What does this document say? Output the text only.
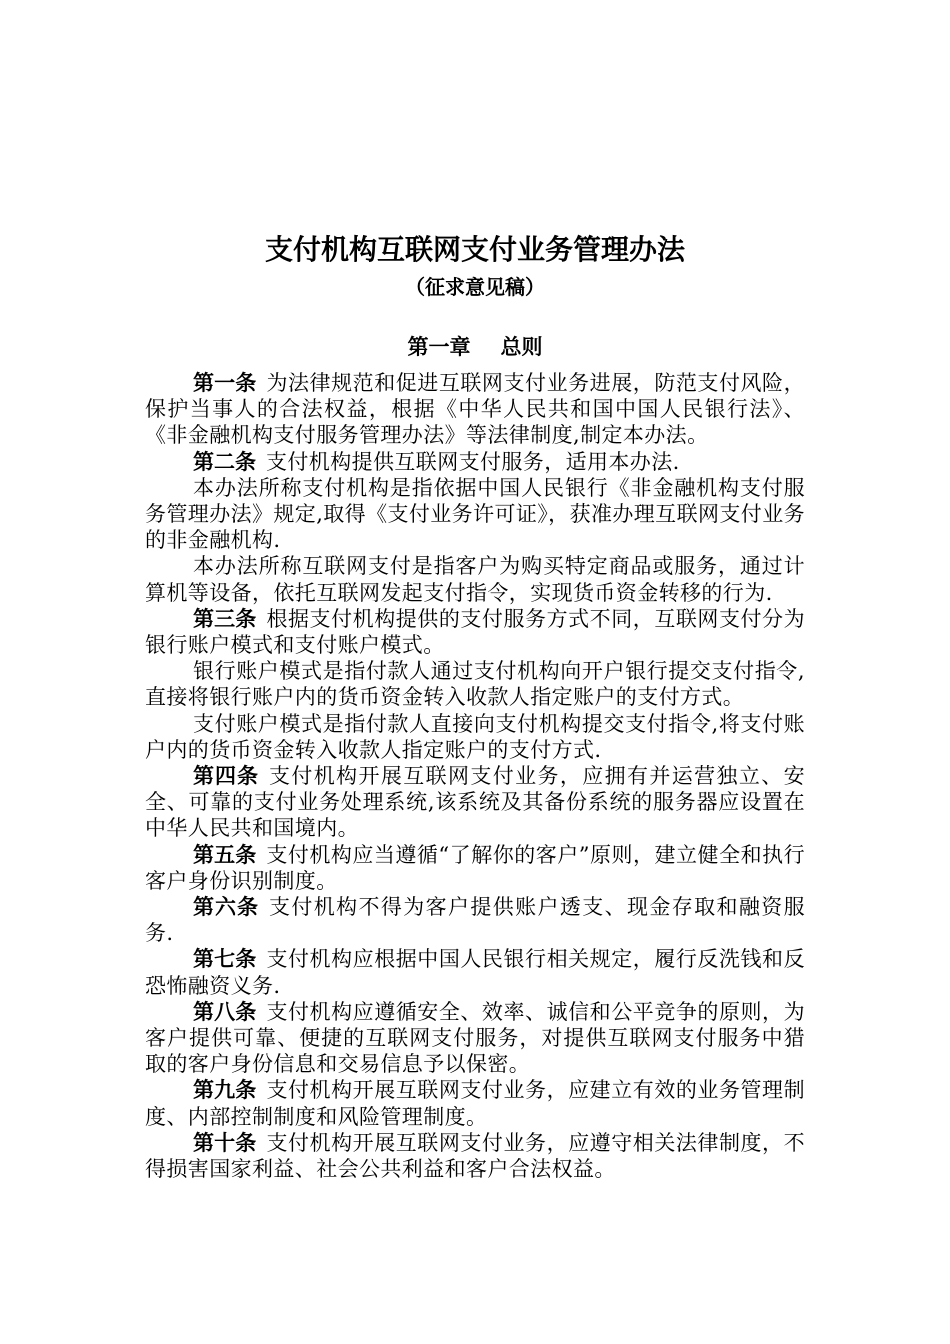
支付机构互联网支付业务管理办法
（征求意见稿）
第一章 总则

第一条 为法律规范和促进互联网支付业务进展，防范支付风险，保护当事人的合法权益，根据《中华人民共和国中国人民银行法》、《非金融机构支付服务管理办法》等法律制度,制定本办法。

第二条 支付机构提供互联网支付服务，适用本办法.

本办法所称支付机构是指依据中国人民银行《非金融机构支付服务管理办法》规定,取得《支付业务许可证》，获准办理互联网支付业务的非金融机构.

本办法所称互联网支付是指客户为购买特定商品或服务，通过计算机等设备，依托互联网发起支付指令，实现货币资金转移的行为.

第三条 根据支付机构提供的支付服务方式不同，互联网支付分为银行账户模式和支付账户模式。

银行账户模式是指付款人通过支付机构向开户银行提交支付指令,直接将银行账户内的货币资金转入收款人指定账户的支付方式。

支付账户模式是指付款人直接向支付机构提交支付指令,将支付账户内的货币资金转入收款人指定账户的支付方式.

第四条 支付机构开展互联网支付业务，应拥有并运营独立、安全、可靠的支付业务处理系统,该系统及其备份系统的服务器应设置在中华人民共和国境内。

第五条 支付机构应当遵循“了解你的客户”原则，建立健全和执行客户身份识别制度。

第六条 支付机构不得为客户提供账户透支、现金存取和融资服务.

第七条 支付机构应根据中国人民银行相关规定，履行反洗钱和反恐怖融资义务.

第八条 支付机构应遵循安全、效率、诚信和公平竞争的原则，为客户提供可靠、便捷的互联网支付服务，对提供互联网支付服务中猎取的客户身份信息和交易信息予以保密。

第九条 支付机构开展互联网支付业务，应建立有效的业务管理制度、内部控制制度和风险管理制度。

第十条 支付机构开展互联网支付业务，应遵守相关法律制度，不得损害国家利益、社会公共利益和客户合法权益。
